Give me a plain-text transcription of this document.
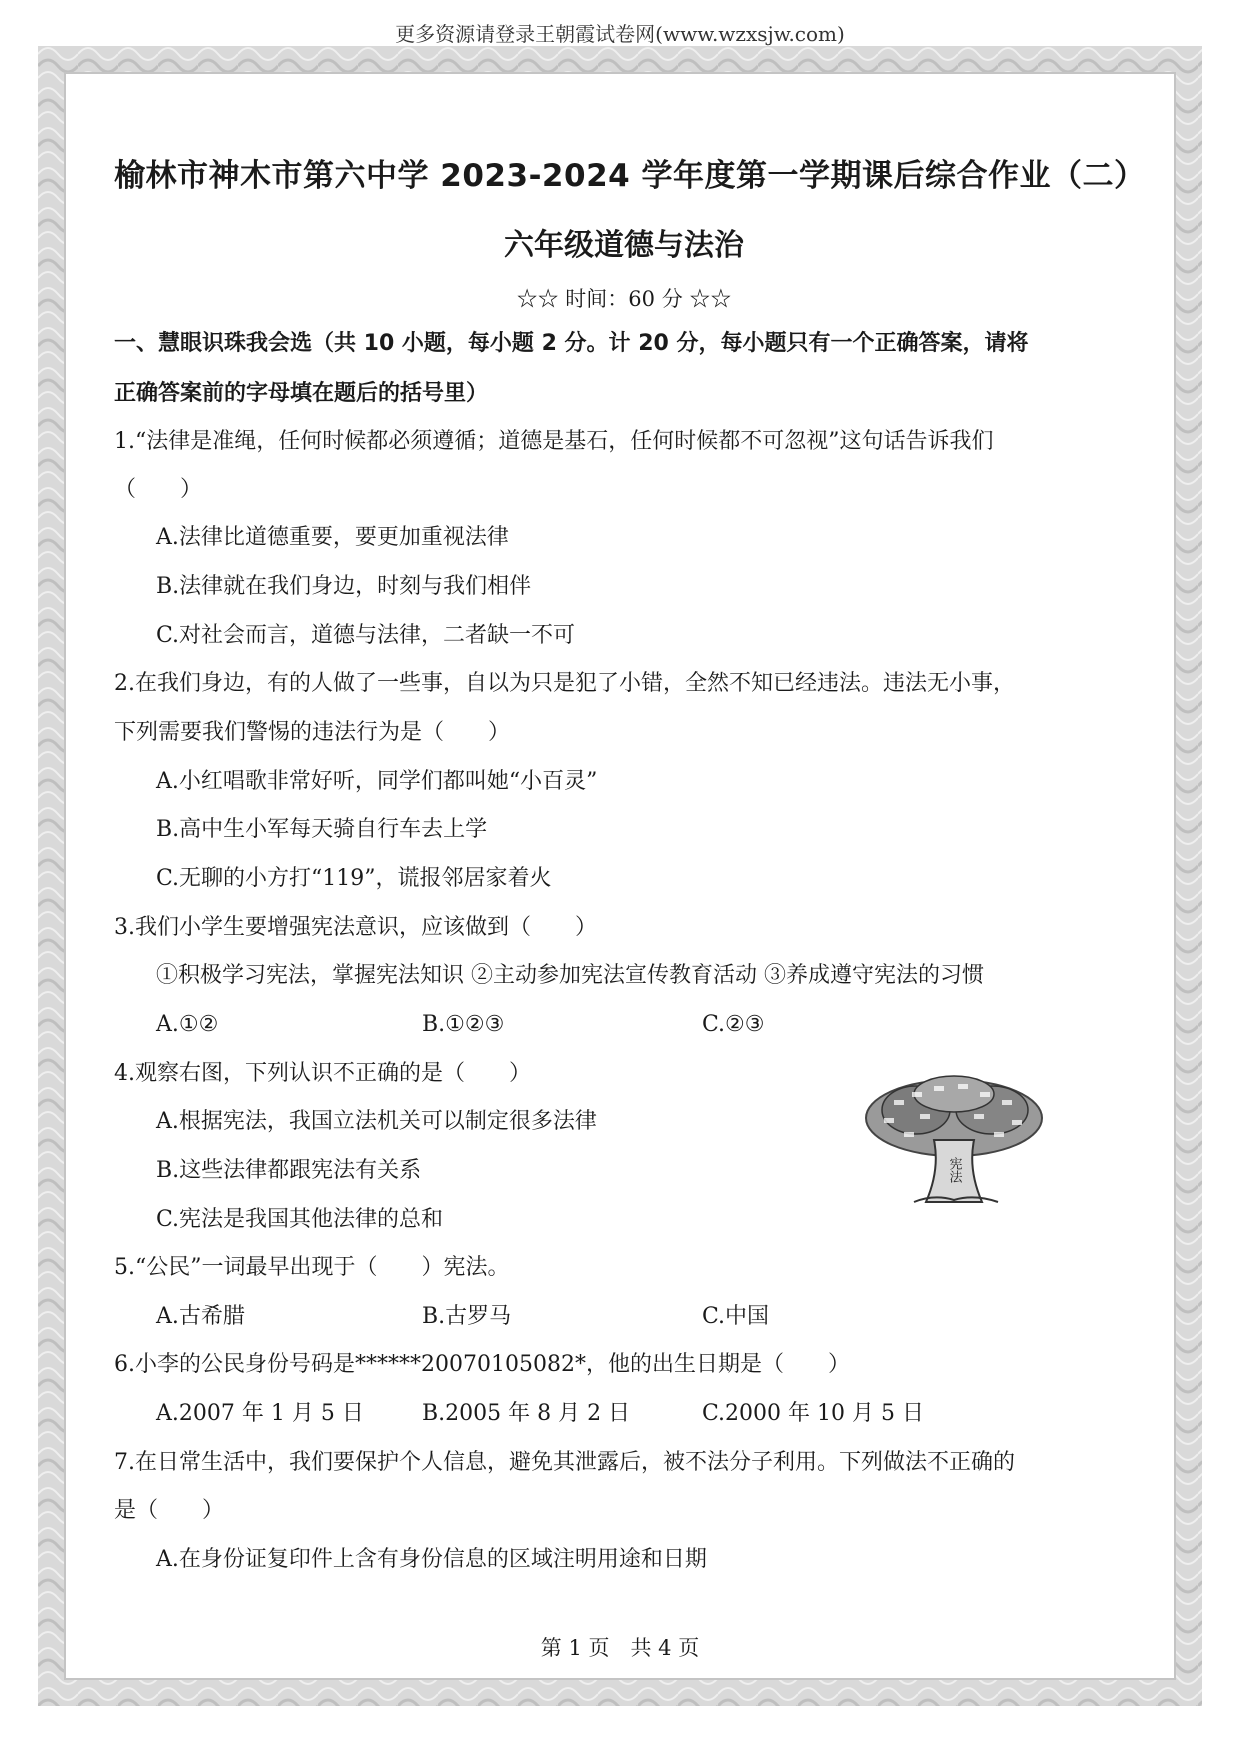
更多资源请登录王朝霞试卷网(www.wzxsjw.com)
榆林市神木市第六中学 2023-2024 学年度第一学期课后综合作业（二）
六年级道德与法治
☆☆ 时间：60 分 ☆☆
一、慧眼识珠我会选（共 10 小题，每小题 2 分。计 20 分，每小题只有一个正确答案，请将
正确答案前的字母填在题后的括号里）
1.“法律是准绳，任何时候都必须遵循；道德是基石，任何时候都不可忽视”这句话告诉我们
（　　）
A.法律比道德重要，要更加重视法律
B.法律就在我们身边，时刻与我们相伴
C.对社会而言，道德与法律，二者缺一不可
2.在我们身边，有的人做了一些事，自以为只是犯了小错，全然不知已经违法。违法无小事，
下列需要我们警惕的违法行为是（　　）
A.小红唱歌非常好听，同学们都叫她“小百灵”
B.高中生小军每天骑自行车去上学
C.无聊的小方打“119”，谎报邻居家着火
3.我们小学生要增强宪法意识，应该做到（　　）
①积极学习宪法，掌握宪法知识 ②主动参加宪法宣传教育活动 ③养成遵守宪法的习惯
A.①②	B.①②③	C.②③
4.观察右图，下列认识不正确的是（　　）
A.根据宪法，我国立法机关可以制定很多法律
B.这些法律都跟宪法有关系
C.宪法是我国其他法律的总和
宪法
5.“公民”一词最早出现于（　　）宪法。
A.古希腊	B.古罗马	C.中国
6.小李的公民身份号码是******20070105082*，他的出生日期是（　　）
A.2007 年 1 月 5 日	B.2005 年 8 月 2 日	C.2000 年 10 月 5 日
7.在日常生活中，我们要保护个人信息，避免其泄露后，被不法分子利用。下列做法不正确的
是（　　）
A.在身份证复印件上含有身份信息的区域注明用途和日期
第 1 页　共 4 页
